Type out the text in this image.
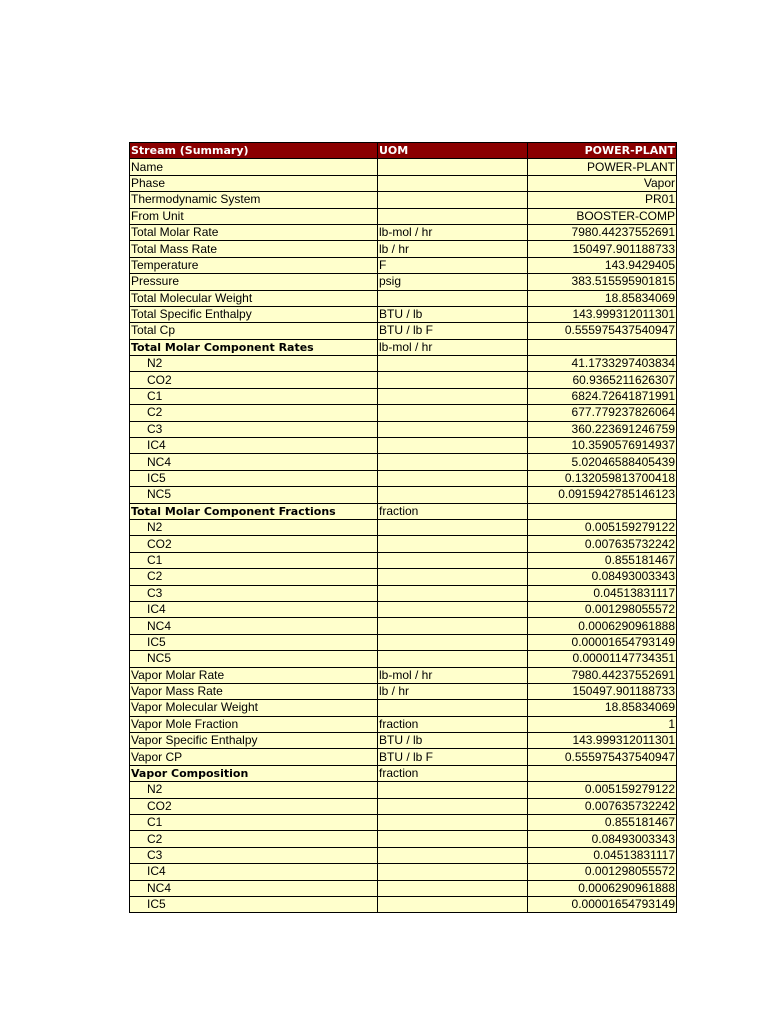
Stream (Summary)	UOM	POWER-PLANT
Name		POWER-PLANT
Phase		Vapor
Thermodynamic System		PR01
From Unit		BOOSTER-COMP
Total Molar Rate	lb-mol / hr	7980.44237552691
Total Mass Rate	lb / hr	150497.901188733
Temperature	F	143.9429405
Pressure	psig	383.515595901815
Total Molecular Weight		18.85834069
Total Specific Enthalpy	BTU / lb	143.999312011301
Total Cp	BTU / lb F	0.555975437540947
Total Molar Component Rates	lb-mol / hr	
N2		41.1733297403834
CO2		60.9365211626307
C1		6824.72641871991
C2		677.779237826064
C3		360.223691246759
IC4		10.3590576914937
NC4		5.02046588405439
IC5		0.132059813700418
NC5		0.0915942785146123
Total Molar Component Fractions	fraction	
N2		0.005159279122
CO2		0.007635732242
C1		0.855181467
C2		0.08493003343
C3		0.04513831117
IC4		0.001298055572
NC4		0.0006290961888
IC5		0.00001654793149
NC5		0.00001147734351
Vapor Molar Rate	lb-mol / hr	7980.44237552691
Vapor Mass Rate	lb / hr	150497.901188733
Vapor Molecular Weight		18.85834069
Vapor Mole Fraction	fraction	1
Vapor Specific Enthalpy	BTU / lb	143.999312011301
Vapor CP	BTU / lb F	0.555975437540947
Vapor Composition	fraction	
N2		0.005159279122
CO2		0.007635732242
C1		0.855181467
C2		0.08493003343
C3		0.04513831117
IC4		0.001298055572
NC4		0.0006290961888
IC5		0.00001654793149
